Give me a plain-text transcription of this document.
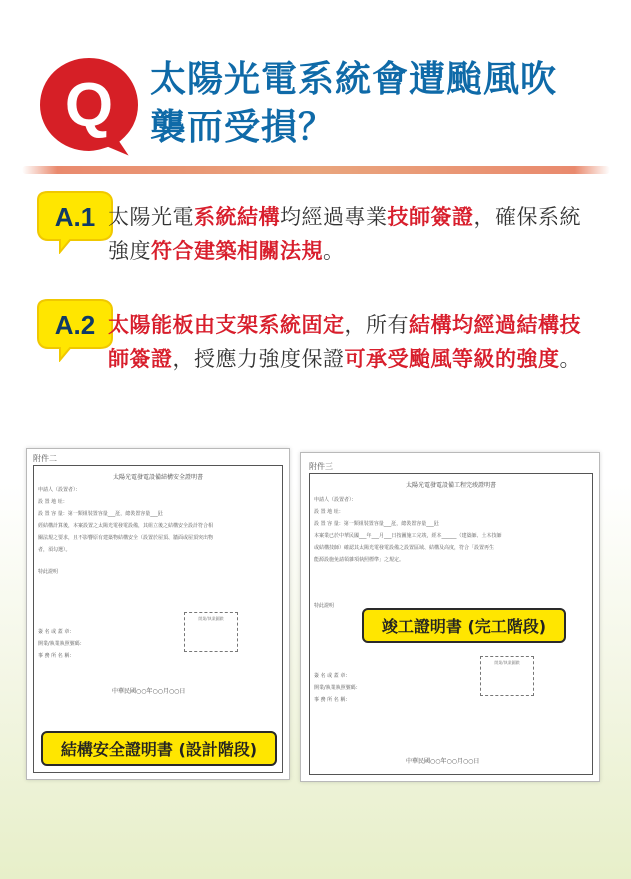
Q 太陽光電系統會遭颱風吹
襲而受損？
A.1 太陽光電系統結構均經過專業技師簽證，確保系統強度符合建築相關法規。
A.2 太陽能板由支架系統固定，所有結構均經過結構技師簽證，授應力強度保證可承受颱風等級的強度。
附件二
太陽光電發電設備結構安全證明書
申請人（設置者）：
設 置 地 址：
設 置 容 量：第一類組裝置容量___瓩，總裝置容量___瓩
經結構計算後，本案設置之太陽光電發電設備，其組立後之結構安全設計符合相
關法規之要求，且不影響原有建築物結構安全（設置於屋頂、牆面或屋頂突出物
者，須勾選）。
特此證明
開業/執業圖戳
簽 名 或 蓋 章：
開業/執業執照號碼：
事 務 所 名 稱：
中華民國○○年○○月○○日
結構安全證明書 (設計階段)
附件三
太陽光電發電設備工程完竣證明書
申請人（設置者）：
設 置 地 址：
設 置 容 量：第一類組裝置容量___瓩，總裝置容量___瓩
本案業已於中華民國___年___月___日按圖施工完竣，經本______（建築師、土木技師
或結構技師）確認其太陽光電發電設備之設置區域、結構及高度，符合「設置再生
能源設施免請領雜項執照標準」之規定。
特此證明
竣工證明書 (完工階段)
開業/執業圖戳
簽 名 或 蓋 章：
開業/執業執照號碼：
事 務 所 名 稱：
中華民國○○年○○月○○日
